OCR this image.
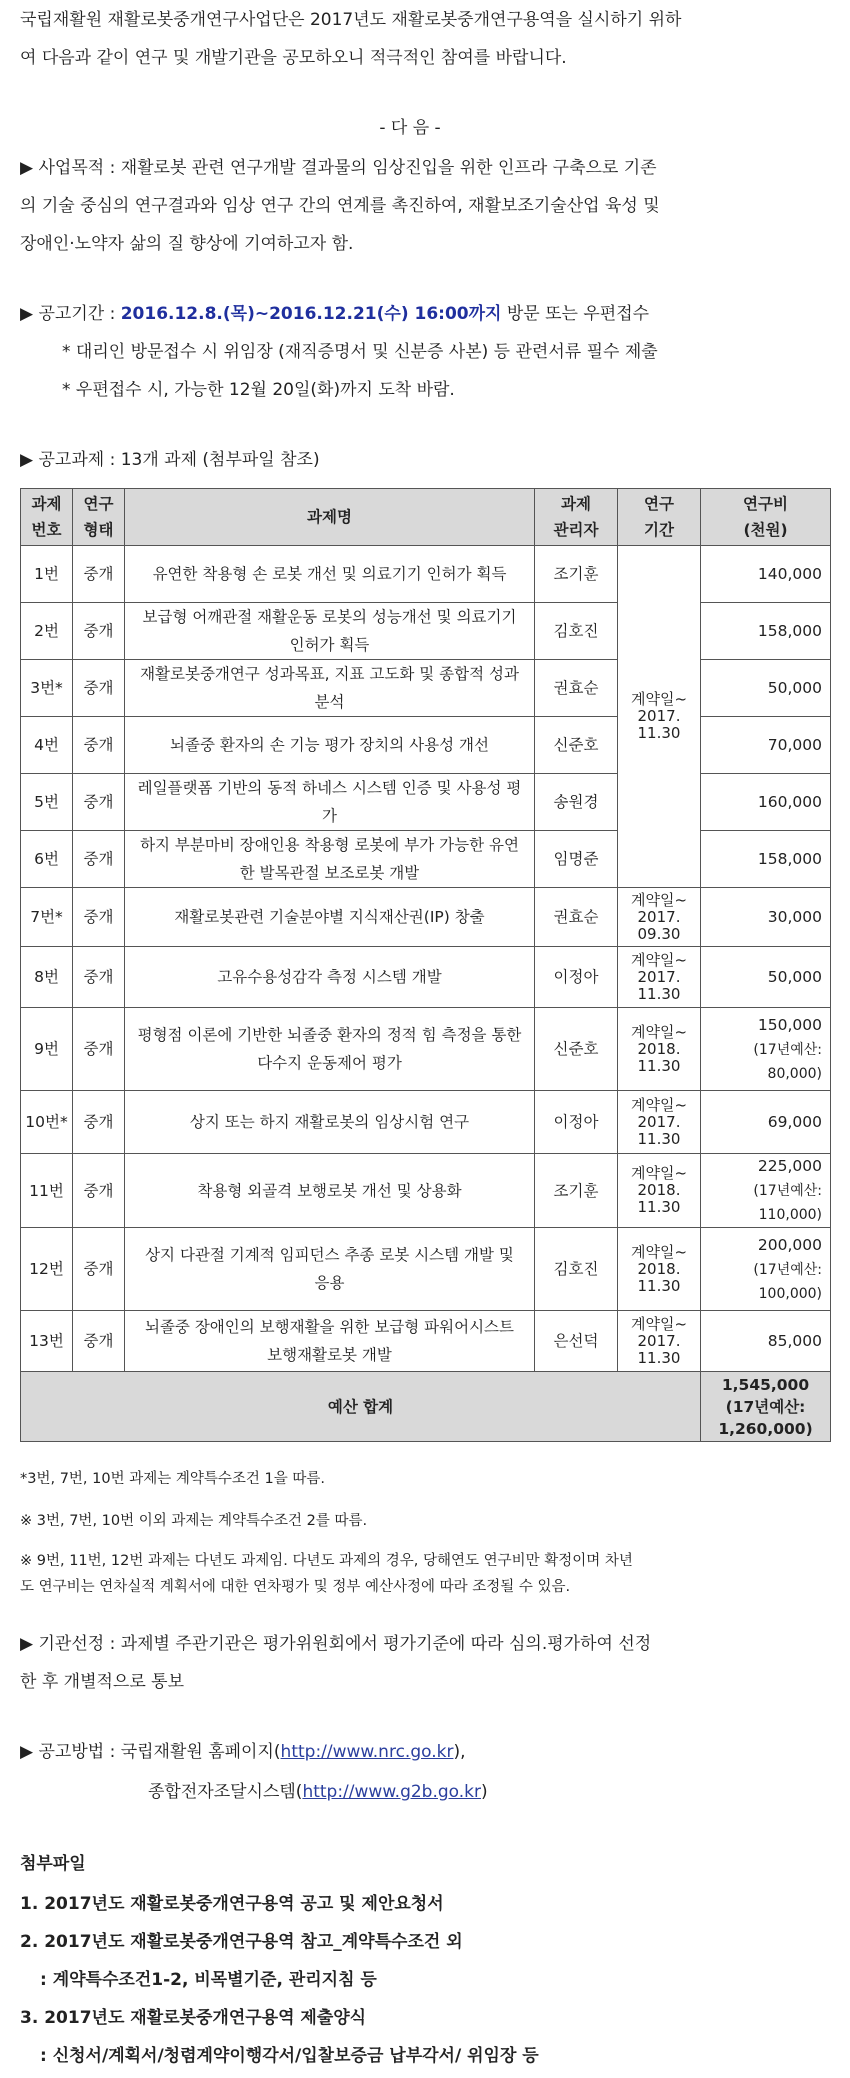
국립재활원 재활로봇중개연구사업단은 2017년도 재활로봇중개연구용역을 실시하기 위하

여 다음과 같이 연구 및 개발기관을 공모하오니 적극적인 참여를 바랍니다.

- 다 음 -

▶ 사업목적 : 재활로봇 관련 연구개발 결과물의 임상진입을 위한 인프라 구축으로 기존

의 기술 중심의 연구결과와 임상 연구 간의 연계를 촉진하여, 재활보조기술산업 육성 및

장애인·노약자 삶의 질 향상에 기여하고자 함.

▶ 공고기간 : 2016.12.8.(목)~2016.12.21(수) 16:00까지 방문 또는 우편접수

* 대리인 방문접수 시 위임장 (재직증명서 및 신분증 사본) 등 관련서류 필수 제출

* 우편접수 시, 가능한 12월 20일(화)까지 도착 바람.

▶ 공고과제 : 13개 과제 (첨부파일 참조)

과제
번호	연구
형태	과제명	과제
관리자	연구
기간	연구비
(천원)
1번	중개	유연한 착용형 손 로봇 개선 및 의료기기 인허가 획득	조기훈	계약일~
2017.
11.30	140,000
2번	중개	보급형 어깨관절 재활운동 로봇의 성능개선 및 의료기기 인허가 획득	김호진		158,000
3번*	중개	재활로봇중개연구 성과목표, 지표 고도화 및 종합적 성과분석	권효순		50,000
4번	중개	뇌졸중 환자의 손 기능 평가 장치의 사용성 개선	신준호		70,000
5번	중개	레일플랫폼 기반의 동적 하네스 시스템 인증 및 사용성 평가	송원경		160,000
6번	중개	하지 부분마비 장애인용 착용형 로봇에 부가 가능한 유연한 발목관절 보조로봇 개발	임명준		158,000
7번*	중개	재활로봇관련 기술분야별 지식재산권(IP) 창출	권효순	계약일~
2017.
09.30	30,000
8번	중개	고유수용성감각 측정 시스템 개발	이정아	계약일~
2017.
11.30	50,000
9번	중개	평형점 이론에 기반한 뇌졸중 환자의 정적 힘 측정을 통한 다수지 운동제어 평가	신준호	계약일~
2018.
11.30	150,000
(17년예산:
80,000)
10번*	중개	상지 또는 하지 재활로봇의 임상시험 연구	이정아	계약일~
2017.
11.30	69,000
11번	중개	착용형 외골격 보행로봇 개선 및 상용화	조기훈	계약일~
2018.
11.30	225,000
(17년예산:
110,000)
12번	중개	상지 다관절 기계적 임피던스 추종 로봇 시스템 개발 및 응용	김호진	계약일~
2018.
11.30	200,000
(17년예산:
100,000)
13번	중개	뇌졸중 장애인의 보행재활을 위한 보급형 파워어시스트 보행재활로봇 개발	은선덕	계약일~
2017.
11.30	85,000
예산 합계					1,545,000
(17년예산:
1,260,000)

*3번, 7번, 10번 과제는 계약특수조건 1을 따름.

※ 3번, 7번, 10번 이외 과제는 계약특수조건 2를 따름.

※ 9번, 11번, 12번 과제는 다년도 과제임. 다년도 과제의 경우, 당해연도 연구비만 확정이며 차년

도 연구비는 연차실적 계획서에 대한 연차평가 및 정부 예산사정에 따라 조정될 수 있음.

▶ 기관선정 : 과제별 주관기관은 평가위원회에서 평가기준에 따라 심의.평가하여 선정

한 후 개별적으로 통보

▶ 공고방법 : 국립재활원 홈페이지(http://www.nrc.go.kr),

종합전자조달시스템(http://www.g2b.go.kr)

첨부파일

1. 2017년도 재활로봇중개연구용역 공고 및 제안요청서

2. 2017년도 재활로봇중개연구용역 참고_계약특수조건 외

: 계약특수조건1-2, 비목별기준, 관리지침 등

3. 2017년도 재활로봇중개연구용역 제출양식

: 신청서/계획서/청렴계약이행각서/입찰보증금 납부각서/ 위임장 등
